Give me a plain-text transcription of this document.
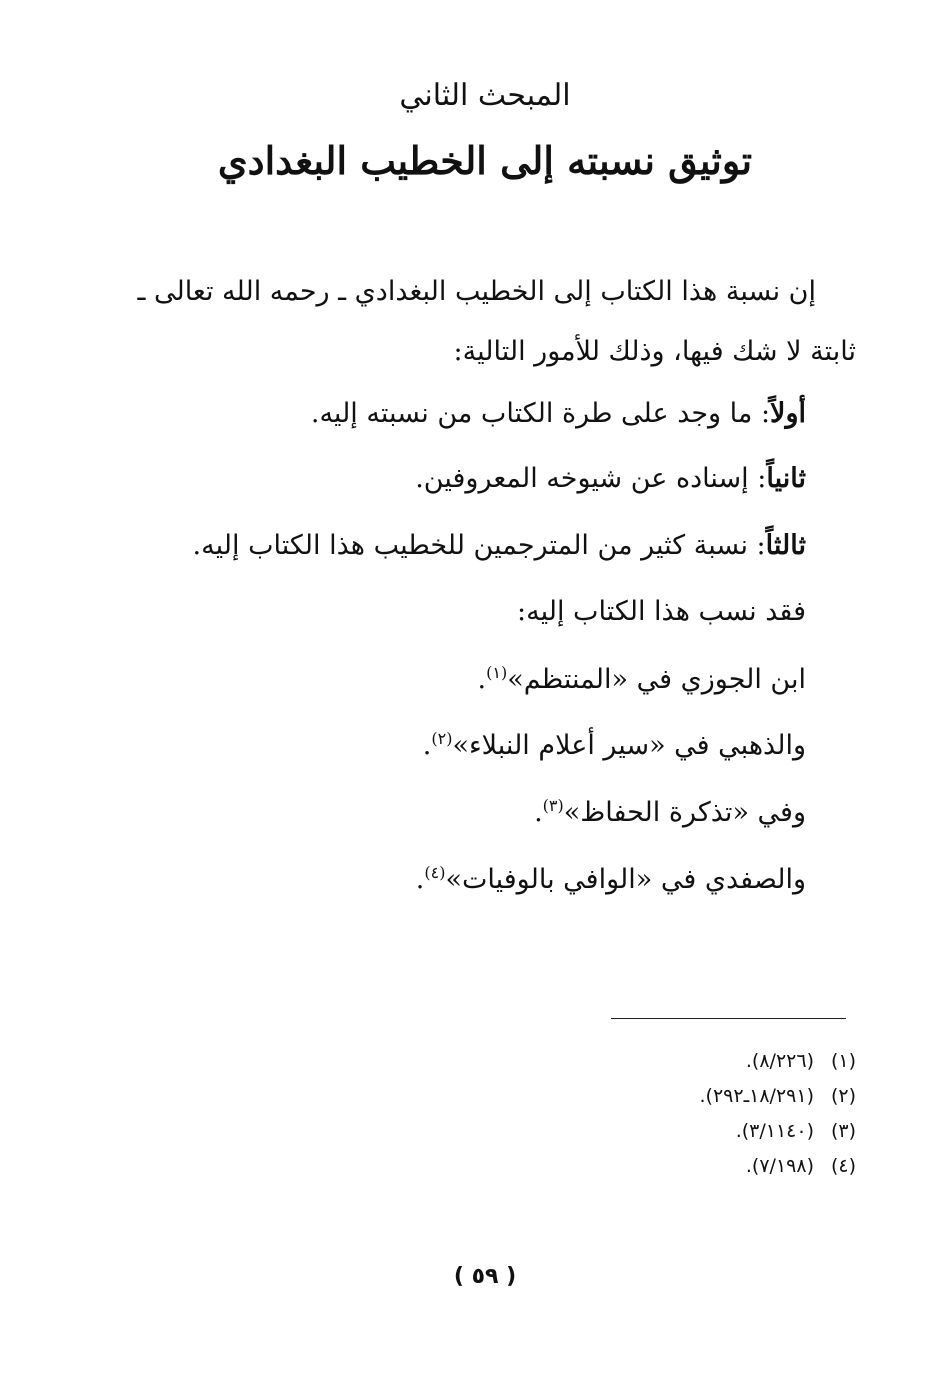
المبحث الثاني
توثيق نسبته إلى الخطيب البغدادي
إن نسبة هذا الكتاب إلى الخطيب البغدادي ـ رحمه الله تعالى ـ
ثابتة لا شك فيها، وذلك للأمور التالية:
أولاً: ما وجد على طرة الكتاب من نسبته إليه.
ثانياً: إسناده عن شيوخه المعروفين.
ثالثاً: نسبة كثير من المترجمين للخطيب هذا الكتاب إليه.
فقد نسب هذا الكتاب إليه:
ابن الجوزي في «المنتظم»$^{(١)}$.
والذهبي في «سير أعلام النبلاء»$^{(٢)}$.
وفي «تذكرة الحفاظ»$^{(٣)}$.
والصفدي في «الوافي بالوفيات»$^{(٤)}$.
(١)(٨/٢٢٦).
(٢)(١٨/٢٩١ـ٢٩٢).
(٣)(٣/١١٤٠).
(٤)(٧/١٩٨).
( ٥٩ )
